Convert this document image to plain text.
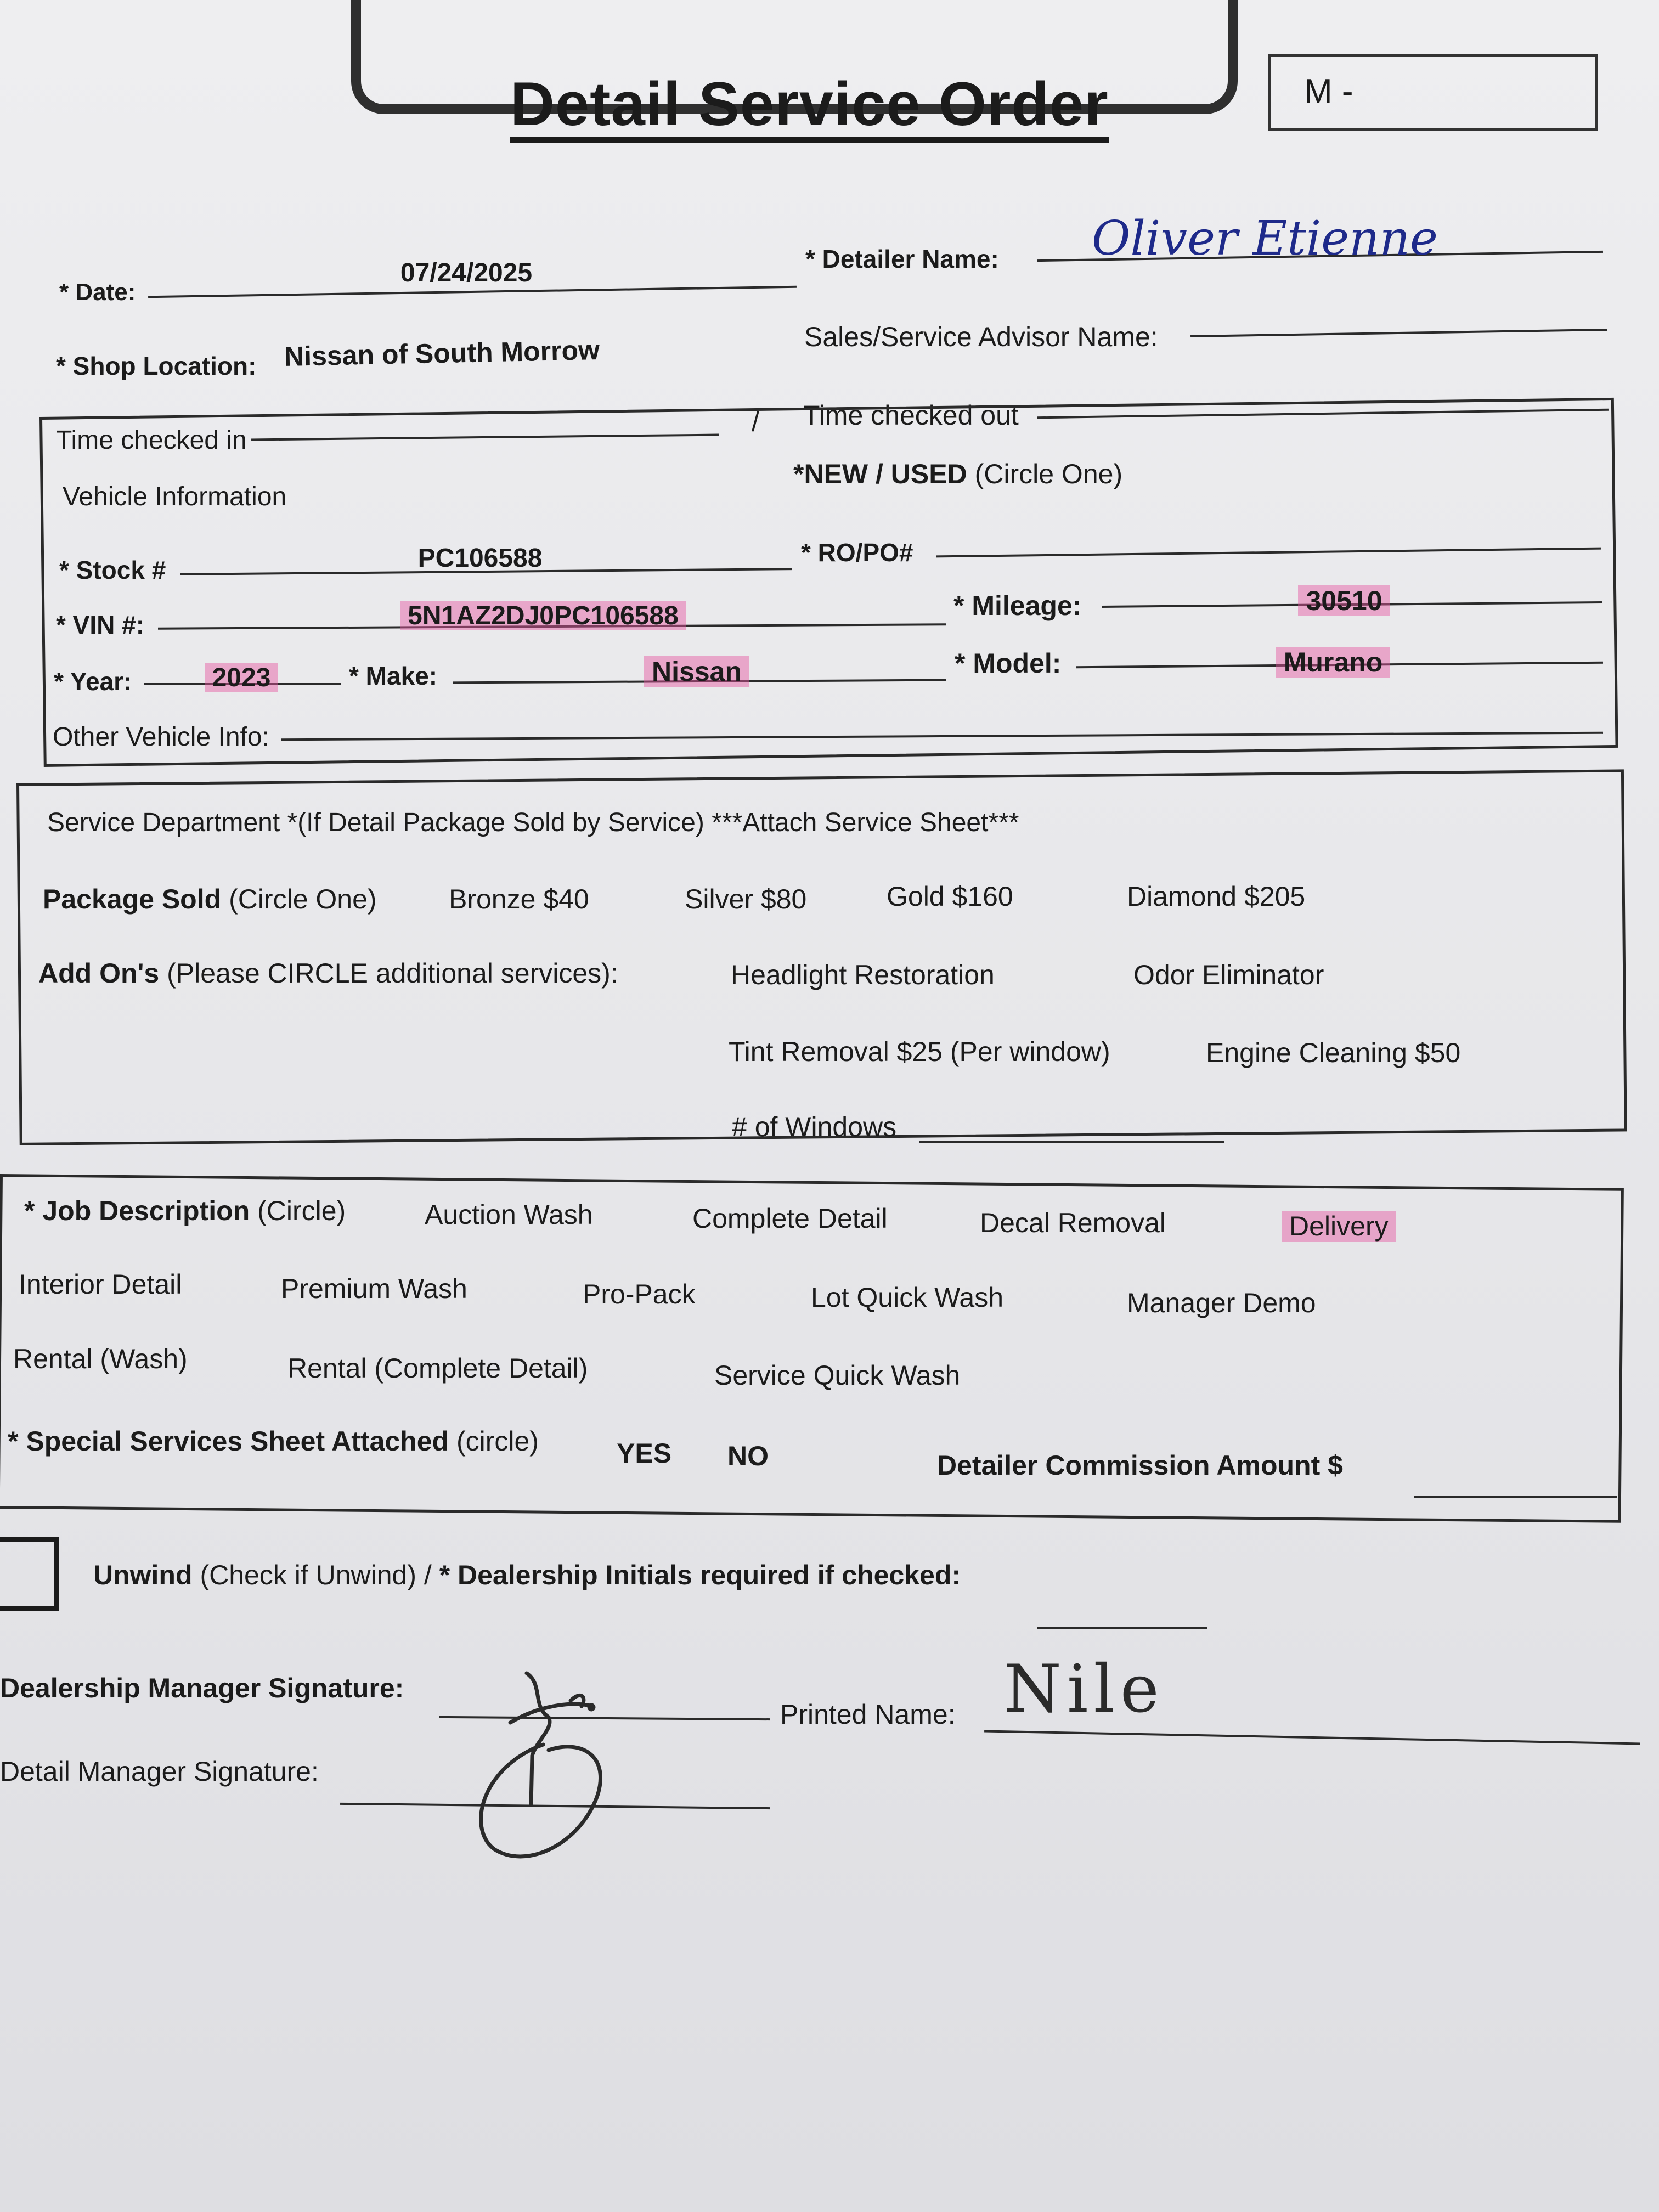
M -
Detail Service Order
* Date:
07/24/2025	* Detailer Name: Oliver Etienne
* Shop Location: Nissan of South Morrow	Sales/Service Advisor Name:
Time checked in
/ Time checked out
Vehicle Information
*NEW / USED (Circle One)
* Stock #	PC106588	* RO/PO#
* VIN #:	5N1AZ2DJ0PC106588	* Mileage:	30510
* Year:	2023	* Make:	Nissan	* Model:	Murano
Other Vehicle Info:
Service Department *(If Detail Package Sold by Service) ***Attach Service Sheet***
Package Sold (Circle One)	Bronze $40	Silver $80	Gold $160	Diamond $205
Add On's (Please CIRCLE additional services):	Headlight Restoration	Odor Eliminator
Tint Removal $25 (Per window)	Engine Cleaning $50
# of Windows
* Job Description (Circle)	Auction Wash	Complete Detail	Decal Removal	Delivery
Interior Detail	Premium Wash	Pro-Pack	Lot Quick Wash	Manager Demo
Rental (Wash)	Rental (Complete Detail)	Service Quick Wash
* Special Services Sheet Attached (circle)	YES NO	Detailer Commission Amount $
Unwind (Check if Unwind) / * Dealership Initials required if checked:
Dealership Manager Signature:
Printed Name: Nile
Detail Manager Signature:
